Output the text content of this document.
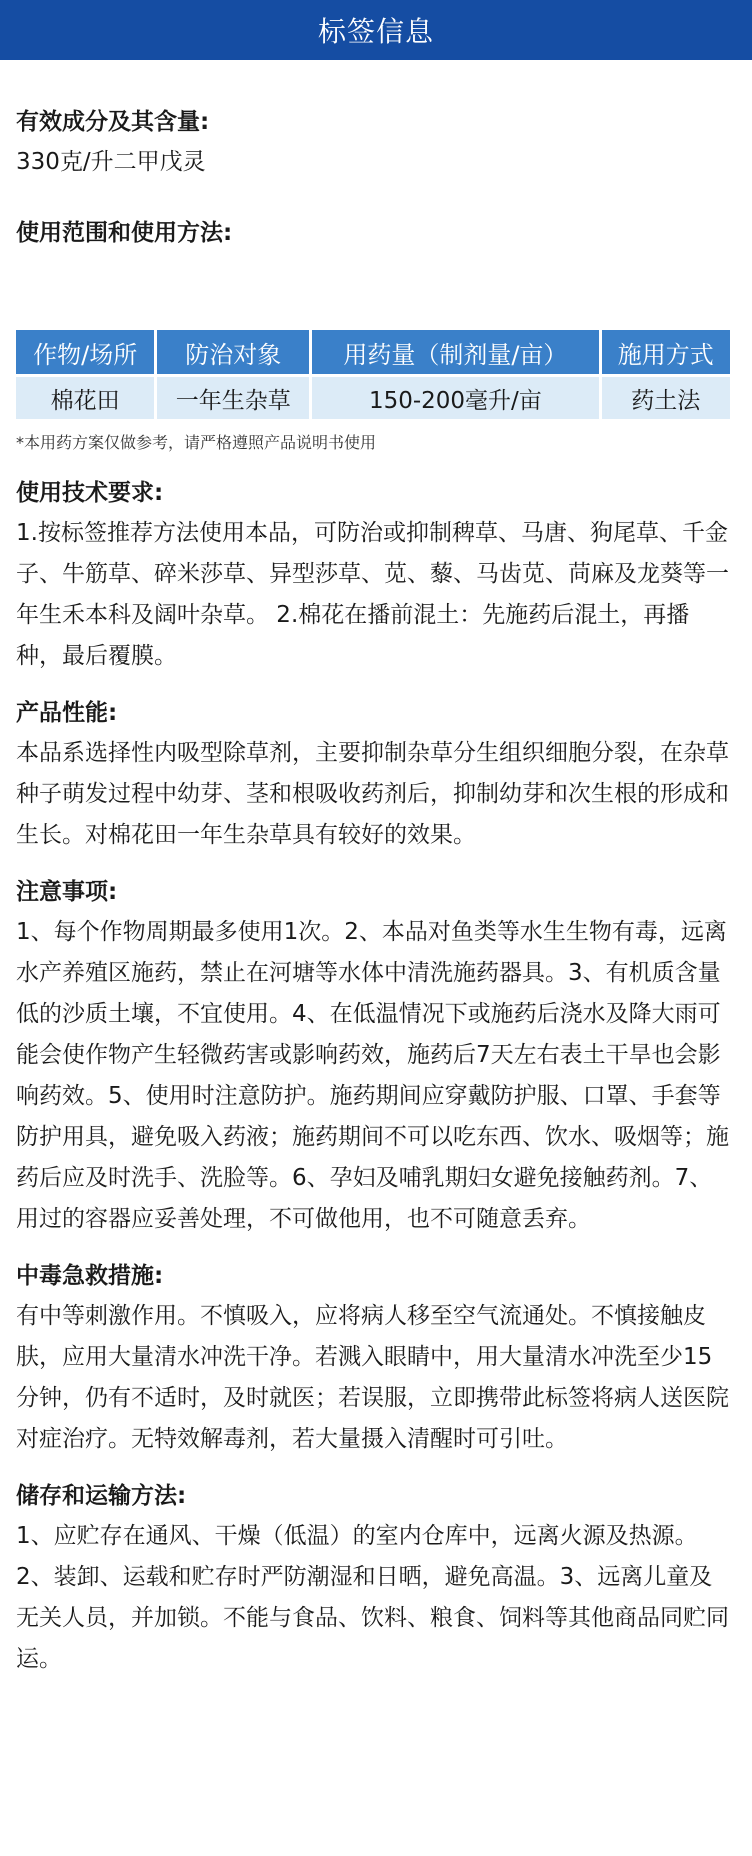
标签信息
有效成分及其含量:
330克/升二甲戊灵
使用范围和使用方法:
作物/场所	防治对象	用药量（制剂量/亩）	施用方式
棉花田	一年生杂草	150-200毫升/亩	药土法
*本用药方案仅做参考，请严格遵照产品说明书使用
使用技术要求:
1.按标签推荐方法使用本品，可防治或抑制稗草、马唐、狗尾草、千金子、牛筋草、碎米莎草、异型莎草、苋、藜、马齿苋、苘麻及龙葵等一年生禾本科及阔叶杂草。 2.棉花在播前混土：先施药后混土，再播种，最后覆膜。
产品性能:
本品系选择性内吸型除草剂，主要抑制杂草分生组织细胞分裂，在杂草种子萌发过程中幼芽、茎和根吸收药剂后，抑制幼芽和次生根的形成和生长。对棉花田一年生杂草具有较好的效果。
注意事项:
1、每个作物周期最多使用1次。2、本品对鱼类等水生生物有毒，远离水产养殖区施药，禁止在河塘等水体中清洗施药器具。3、有机质含量低的沙质土壤，不宜使用。4、在低温情况下或施药后浇水及降大雨可能会使作物产生轻微药害或影响药效，施药后7天左右表土干旱也会影响药效。5、使用时注意防护。施药期间应穿戴防护服、口罩、手套等防护用具，避免吸入药液；施药期间不可以吃东西、饮水、吸烟等；施药后应及时洗手、洗脸等。6、孕妇及哺乳期妇女避免接触药剂。7、用过的容器应妥善处理，不可做他用，也不可随意丢弃。
中毒急救措施:
有中等刺激作用。不慎吸入，应将病人移至空气流通处。不慎接触皮肤，应用大量清水冲洗干净。若溅入眼睛中，用大量清水冲洗至少15分钟，仍有不适时，及时就医；若误服，立即携带此标签将病人送医院对症治疗。无特效解毒剂，若大量摄入清醒时可引吐。
储存和运输方法:
1、应贮存在通风、干燥（低温）的室内仓库中，远离火源及热源。2、装卸、运载和贮存时严防潮湿和日晒，避免高温。3、远离儿童及无关人员，并加锁。不能与食品、饮料、粮食、饲料等其他商品同贮同运。
